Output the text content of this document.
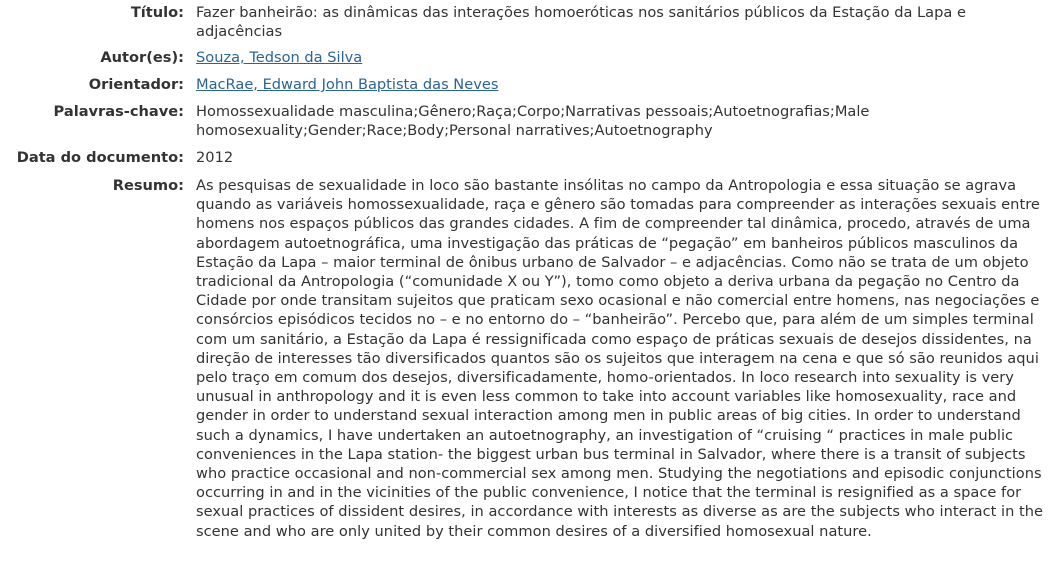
Título: Fazer banheirão: as dinâmicas das interações homoeróticas nos sanitários públicos da Estação da Lapa e adjacências
Autor(es): Souza, Tedson da Silva
Orientador: MacRae, Edward John Baptista das Neves
Palavras-chave: Homossexualidade masculina;Gênero;Raça;Corpo;Narrativas pessoais;Autoetnografias;Male homosexuality;Gender;Race;Body;Personal narratives;Autoetnography
Data do documento: 2012
Resumo: As pesquisas de sexualidade in loco são bastante insólitas no campo da Antropologia e essa situação se agrava quando as variáveis homossexualidade, raça e gênero são tomadas para compreender as interações sexuais entre homens nos espaços públicos das grandes cidades. A fim de compreender tal dinâmica, procedo, através de uma abordagem autoetnográfica, uma investigação das práticas de “pegação” em banheiros públicos masculinos da Estação da Lapa – maior terminal de ônibus urbano de Salvador – e adjacências. Como não se trata de um objeto tradicional da Antropologia (“comunidade X ou Y”), tomo como objeto a deriva urbana da pegação no Centro da Cidade por onde transitam sujeitos que praticam sexo ocasional e não comercial entre homens, nas negociações e consórcios episódicos tecidos no – e no entorno do – “banheirão”. Percebo que, para além de um simples terminal com um sanitário, a Estação da Lapa é ressignificada como espaço de práticas sexuais de desejos dissidentes, na direção de interesses tão diversificados quantos são os sujeitos que interagem na cena e que só são reunidos aqui pelo traço em comum dos desejos, diversificadamente, homo-orientados. In loco research into sexuality is very unusual in anthropology and it is even less common to take into account variables like homosexuality, race and gender in order to understand sexual interaction among men in public areas of big cities. In order to understand such a dynamics, I have undertaken an autoetnography, an investigation of “cruising “ practices in male public conveniences in the Lapa station- the biggest urban bus terminal in Salvador, where there is a transit of subjects who practice occasional and non-commercial sex among men. Studying the negotiations and episodic conjunctions occurring in and in the vicinities of the public convenience, I notice that the terminal is resignified as a space for sexual practices of dissident desires, in accordance with interests as diverse as are the subjects who interact in the scene and who are only united by their common desires of a diversified homosexual nature.
